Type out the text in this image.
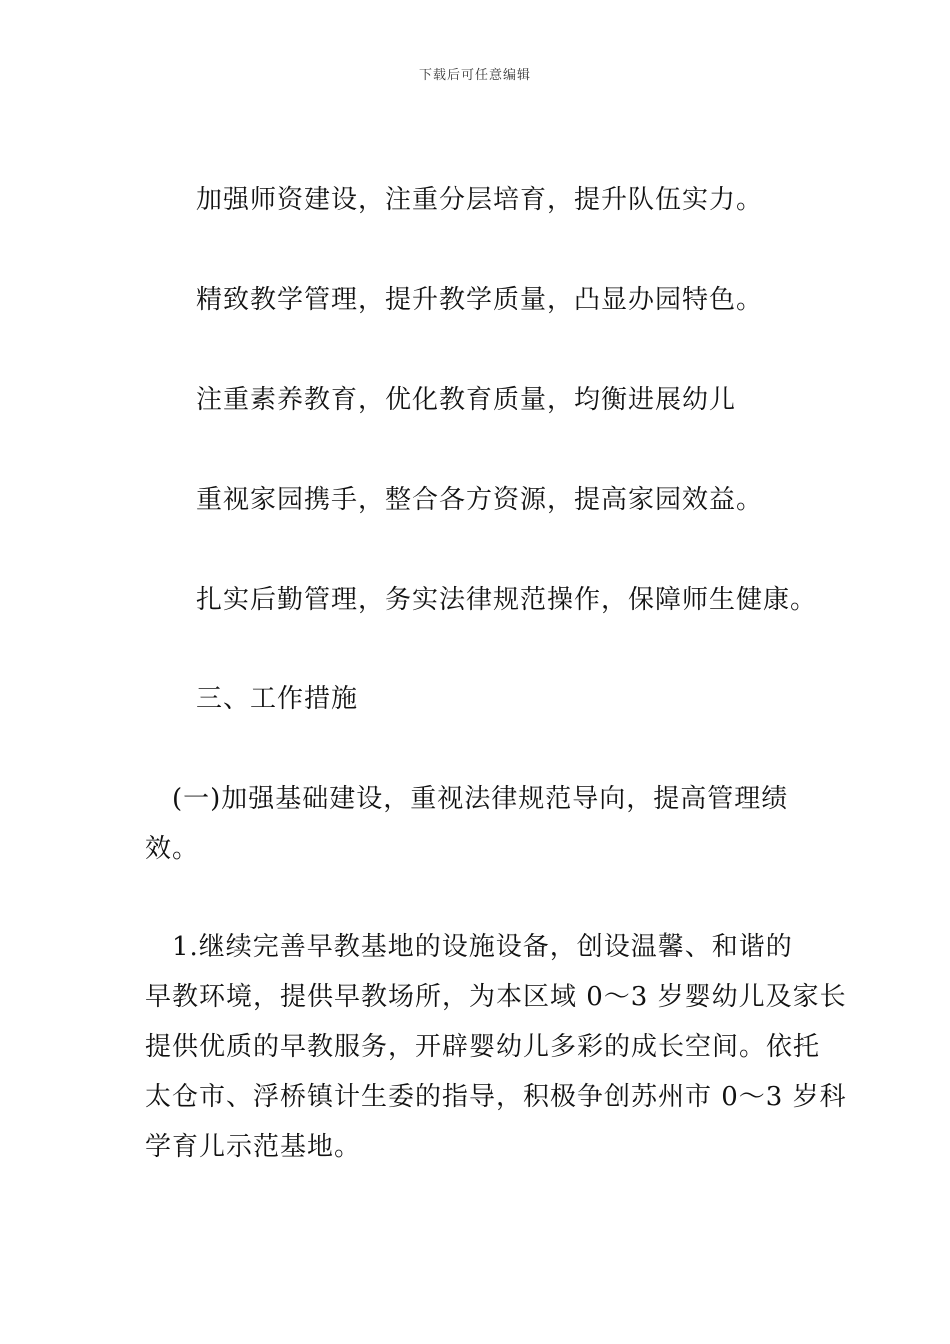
下载后可任意编辑
加强师资建设，注重分层培育，提升队伍实力。
精致教学管理，提升教学质量，凸显办园特色。
注重素养教育，优化教育质量，均衡进展幼儿
重视家园携手，整合各方资源，提高家园效益。
扎实后勤管理，务实法律规范操作，保障师生健康。
三、工作措施
(一)加强基础建设，重视法律规范导向，提高管理绩
效。
1.继续完善早教基地的设施设备，创设温馨、和谐的
早教环境，提供早教场所，为本区域 0～3 岁婴幼儿及家长
提供优质的早教服务，开辟婴幼儿多彩的成长空间。依托
太仓市、浮桥镇计生委的指导，积极争创苏州市 0～3 岁科
学育儿示范基地。
